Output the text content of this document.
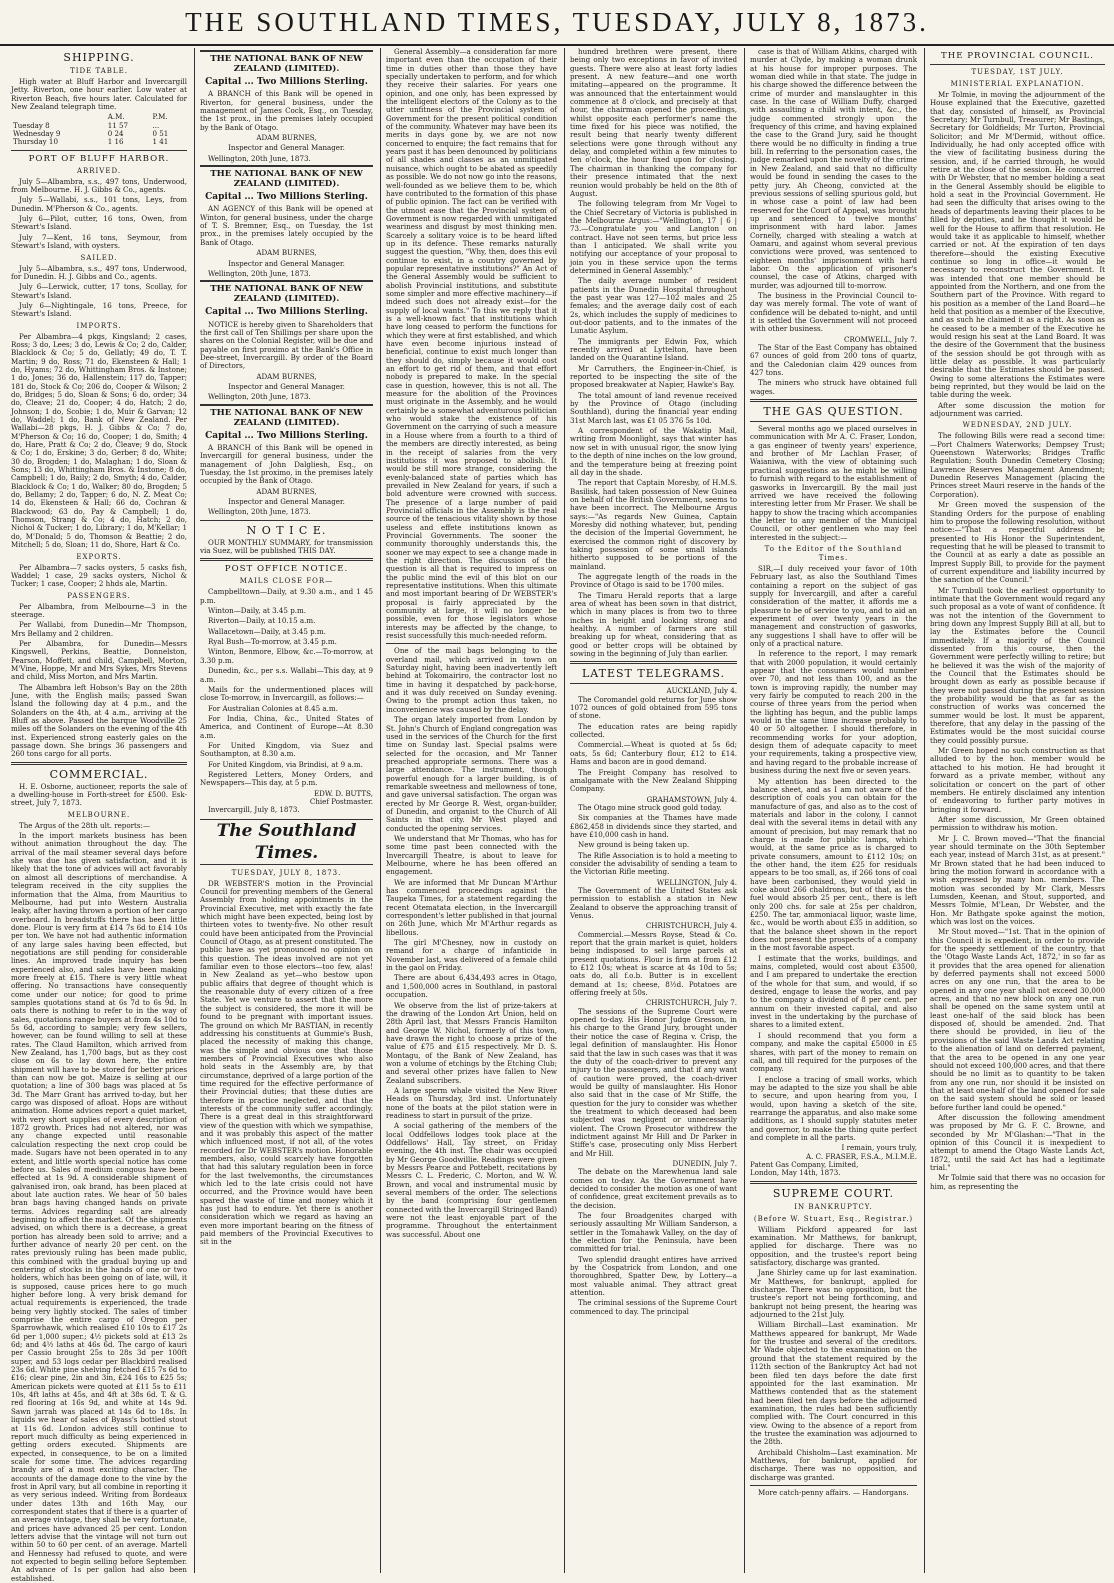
THE SOUTHLAND TIMES, TUESDAY, JULY 8, 1873.
SHIPPING.
TIDE TABLE.

High water at Bluff Harbor and Invercargill Jetty. Riverton, one hour earlier. Low water at Riverton Beach, five hours later. Calculated for New Zealand telegraph time.

	A.M.	P.M.
Tuesday 8	11 57	...
Wednesday 9	0 24	0 51
Thursday 10	1 16	1 41
PORT OF BLUFF HARBOR.
ARRIVED.

July 5—Albambra, s.s., 497 tons, Underwood, from Melbourne. H. J. Gibbs & Co., agents.

July 5—Wallabi, s.s., 101 tons, Leys, from Dunedin. M'Pherson & Co., agents.

July 6—Pilot, cutter, 16 tons, Owen, from Stewart's Island.

July 7—Kent, 16 tons, Seymour, from Stewart's Island, with oysters.

SAILED.

July 5—Albambra, s.s., 497 tons, Underwood, for Dunedin. H. J. Gibbs and Co., agents.

July 6—Lerwick, cutter, 17 tons, Scollay, for Stewart's Island.

July 6—Nightingale, 16 tons, Preece, for Stewart's Island.

IMPORTS.

Per Albambra—4 pkgs, Kingsland; 2 cases, Ross; 3 do, Lees; 3 do, Lewis & Co; 2 do, Calder, Blacklock & Co; 5 do, Gellatly; 49 do, T. T. Martin; 9 do, Ross; 71 do, Ekensteen & Hall; 1 do, Hyams; 72 do, Whittingham Bros. & Instone; 1 do, Jones; 36 do, Hallenstein; 117 do, Tapper; 181 do, Stock & Co; 206 do, Cooper & Wilson; 2 do, Bridges; 5 do, Sloan & Sons; 6 do, order; 34 do, Cleave; 21 do, Cooper; 4 do, Hatch; 2 do, Johnson; 1 do, Scobie; 1 do, Muir & Garvan; 12 do, Waddel; 1 do, Bank of New Zealand. Per Wallabi—28 pkgs, H. J. Gibbs & Co; 7 do, M'Pherson & Co; 16 do, Cooper; 1 do, Smith; 4 do, Hare, Pratt & Co; 2 do, Cleave; 9 do, Stock & Co; 1 do, Erskine; 3 do, Gerber; 8 do, White; 30 do, Brogden; 1 do, Malaghan; 1 do, Sloan & Sons; 13 do, Whittingham Bros. & Instone; 8 do, Campbell; 1 do, Baily; 2 do, Smyth; 4 do, Calder, Blacklock & Co; 1 do, Walker; 80 do, Brogden; 5 do, Bellamy; 2 do, Tapper; 6 do, N. Z. Meat Co; 14 do, Ekensteen & Hall; 66 do, Cochran & Blackwood; 63 do, Pay & Campbell; 1 do, Thomson, Strang & Co; 4 do, Hatch; 2 do, Nichol & Tucker; 1 do, Library; 1 do, M'Kellar; 1 do, M'Donald; 5 do, Thomson & Beattie; 2 do, Mitchell; 5 do, Sloan; 11 do, Shore, Hart & Co.

EXPORTS.

Per Albambra—7 sacks oysters, 5 casks fish, Waddel; 1 case, 29 sacks oysters, Nichol & Tucker; 1 case, Cooper; 2 hhds ale, Martin.

PASSENGERS.

Per Albambra, from Melbourne—3 in the steerage.

Per Wallabi, from Dunedin—Mr Thompson, Mrs Bellamy and 2 children.

Per Albambra, for Dunedin—Messrs Kingswell, Perkins, Beattie, Donnelston, Pearson, Moffett, and child, Campbell, Morton, M'Vine, Hoppe, Mr and Mrs Sykes, Mrs Stevens and child, Miss Morton, and Mrs Martin.

The Albambra left Hobson's Bay on the 28th June, with the English mails; passed Swan Island the following day at 4 p.m., and the Solanders on the 4th, at 4 a.m., arriving at the Bluff as above. Passed the barque Woodville 25 miles off the Solanders on the evening of the 4th inst. Experienced strong easterly gales on the passage down. She brings 36 passengers and 260 tons cargo for all ports.

COMMERCIAL.

H. E. Osborne, auctioneer, reports the sale of a dwelling-house in Forth-street for £500. Esk-street, July 7, 1873.

MELBOURNE.

The Argus of the 28th ult. reports:—

In the import markets business has been without animation throughout the day. The arrival of the mail steamer several days before she was due has given satisfaction, and it is likely that the tone of advices will act favorably on almost all descriptions of merchandise. A telegram received in the city supplies the information that the Alma, from Mauritius to Melbourne, had put into Western Australia leaky, after having thrown a portion of her cargo overboard. In breadstuffs there has been little done. Flour is very firm at £14 7s 6d to £14 10s per ton. We have not had authentic information of any large sales having been effected, but negotiations are still pending for considerable lines. An improved trade inquiry has been experienced also, and sales have been making more freely at £15. There is very little wheat offering. No transactions have consequently come under our notice; for good to prime samples quotations stand at 6s 7d to 6s 9d. In oats there is nothing to refer to in the way of sales, quotations range buyers at from 4s 10d to 5s 6d, according to sample; very few sellers, however, can be found willing to sell at these rates. The Claud Hamilton, which arrived from New Zealand, has 1,700 bags, but as they cost close on 6s to lay down here, the entire shipment will have to be stored for better prices than can now be got. Maize is selling at our quotation; a line of 300 bags was placed at 5s 3d. The Marr Grant has arrived to-day, but her cargo was disposed of afloat. Hops are without animation. Home advices report a quiet market, with very short supplies of every description of 1872 growth. Prices had not altered, nor was any change expected until reasonable calculation respecting the next crop could be made. Sugars have not been operated in to any extent, and little worth special notice has come before us. Sales of medium congous have been effected at 1s 9d. A considerable shipment of galvanised iron, oak brand, has been placed at about late auction rates. We hear of 50 bales bran bags having changed hands on private terms. Advices regarding salt are already beginning to affect the market. Of the shipments advised, on which there is a decrease, a great portion has already been sold to arrive; and a further advance of nearly 20 per cent. on the rates previously ruling has been made public, this combined with the gradual buying up and centering of stocks in the hands of one or two holders, which has been going on of late, will, it is supposed, cause prices here to go much higher before long. A very brisk demand for actual requirements is experienced, the trade being very lightly stocked. The sales of timber comprise the entire cargo of Oregon per Sparrowhawk, which realised £10 10s to £17 2s 6d per 1,000 super.; 4½ pickets sold at £13 2s 6d; and 4½ laths at 46s 6d. The cargo of kauri per Cassio brought 25s to 28s 3d per 100ft super, and 53 logs cedar per Blackbird realised 23s 6d. White pine shelving fetched £15 7s 6d to £16; clear pine, 2in and 3in, £24 16s to £25 5s; American pickets were quoted at £11 5s to £11 10s, 4ft laths at 45s, and 4ft at 38s 6d. T. & G. red flooring at 16s 9d, and white at 14s 9d. Sawn jarrah was placed at 14s 6d to 18s. In liquids we hear of sales of Byass's bottled stout at 11s 6d. London advices still continue to report much difficulty as being experienced in getting orders executed. Shipments are expected, in consequence, to be on a limited scale for some time. The advices regarding brandy are of a most exciting character. The accounts of the damage done to the vine by the frost in April vary, but all combine in reporting it as very serious indeed. Writing from Bordeaux under dates 13th and 16th May, our correspondent states that if there is a quarter of an average vintage, they shall be very fortunate, and prices have advanced 25 per cent. London letters advise that the vintage will not turn out within 50 to 60 per cent. of an average. Martell and Hennessy had refused to quote, and were not expected to begin selling before September. An advance of 1s per gallon had also been established.

THE NATIONAL BANK OF NEW ZEALAND (LIMITED).
Capital ... Two Millions Sterling.

A BRANCH of this Bank will be opened in Riverton, for general business, under the management of James Cock, Esq., on Tuesday, the 1st prox., in the premises lately occupied by the Bank of Otago.

ADAM BURNES,
Inspector and General Manager.

Wellington, 20th June, 1873.

THE NATIONAL BANK OF NEW ZEALAND (LIMITED).
Capital ... Two Millions Sterling.

AN AGENCY of this Bank will be opened at Winton, for general business, under the charge of T. S. Bremner, Esq., on Tuesday, the 1st prox., in the premises lately occupied by the Bank of Otago.

ADAM BURNES,
Inspector and General Manager.

Wellington, 20th June, 1873.

THE NATIONAL BANK OF NEW ZEALAND (LIMITED).
Capital ... Two Millions Sterling.

NOTICE is hereby given to Shareholders that the first call of Ten Shillings per share upon the shares on the Colonial Register, will be due and payable on first proximo at the Bank's Office in Dee-street, Invercargill. By order of the Board of Directors,

ADAM BURNES,
Inspector and General Manager.

Wellington, 20th June, 1873.

THE NATIONAL BANK OF NEW ZEALAND (LIMITED).
Capital ... Two Millions Sterling.

A BRANCH of this Bank will be opened in Invercargill for general business, under the management of John Dalgliesh, Esq., on Tuesday, the 1st proximo, in the premises lately occupied by the Bank of Otago.

ADAM BURNES,
Inspector and General Manager.

Wellington, 20th June, 1873.

N O T I C E.

OUR MONTHLY SUMMARY, for transmission via Suez, will be published THIS DAY.

POST OFFICE NOTICE.
MAILS CLOSE FOR—

Campbelltown—Daily, at 9.30 a.m., and 1 45 p.m.

Winton—Daily, at 3.45 p.m.

Riverton—Daily, at 10.15 a.m.

Wallacetown—Daily, at 3.45 p.m.

Ryal Bush—To-morrow, at 3.45 p.m.

Winton, Benmore, Elbow, &c.—To-morrow, at 3.30 p.m.

Dunedin, &c., per s.s. Wallabi—This day, at 9 a.m.

Mails for the undermentioned places will close To-morrow, in Invercargill, as follows:—

For Australian Colonies at 8.45 a.m.

For India, China, &c., United States of America, and Continent of Europe—At 8.30 a.m.

For United Kingdom, via Suez and Southampton, at 8.30 a.m.

For United Kingdom, via Brindisi, at 9 a.m.

Registered Letters, Money Orders, and Newspapers—This day, at 5 p.m.

EDW. D. BUTTS,
Chief Postmaster.

Invercargill, July 8, 1873.

The Southland Times.
TUESDAY, JULY 8, 1873.

DR WEBSTER'S motion in the Provincial Council for preventing members of the General Assembly from holding appointments in the Provincial Executive, met with exactly the fate which might have been expected, being lost by thirteen votes to twenty-five. No other result could have been anticipated from the Provincial Council of Otago, as at present constituted. The public have as yet pronounced no opinion on this question. The ideas involved are not yet familiar even to those electors—too few, alas! in New Zealand as yet—who bestow upon public affairs that degree of thought which is the reasonable duty of every citizen of a free State. Yet we venture to assert that the more the subject is considered, the more it will be found to be pregnant with important issues. The ground on which Mr BASTIAN, in recently addressing his constituents at Gummie's Bush, placed the necessity of making this change, was the simple and obvious one that those members of Provincial Executives who also hold seats in the Assembly are, by that circumstance, deprived of a large portion of the time required for the effective performance of their Provincial duties; that these duties are therefore in practice neglected, and that the interests of the community suffer accordingly. There is a great deal in this straightforward view of the question with which we sympathise, and it was probably this aspect of the matter which influenced most, if not all, of the votes recorded for Dr WEBSTER's motion. Honorable members, also, could scarcely have forgotten that had this salutary regulation been in force for the last twelvemonths, the circumstances which led to the late crisis could not have occurred, and the Province would have been spared the waste of time and money which it has just had to endure. Yet there is another consideration which we regard as having an even more important bearing on the fitness of paid members of the Provincial Executives to sit in the

General Assembly—a consideration far more important even than the occupation of their time in duties other than those they have specially undertaken to perform, and for which they receive their salaries. For years one opinion, and one only, has been expressed by the intelligent electors of the Colony as to the utter unfitness of the Provincial system of Government for the present political condition of the community. Whatever may have been its merits in days gone by, we are not now concerned to enquire; the fact remains that for years past it has been denounced by politicians of all shades and classes as an unmitigated nuisance, which ought to be abated as speedily as possible. We do not now go into the reasons, well-founded as we believe them to be, which have contributed to the formation of this phase of public opinion. The fact can be verified with the utmost ease that the Provincial system of Government is now regarded with unmitigated weariness and disgust by most thinking men. Scarcely a solitary voice is to be heard lifted up in its defence. These remarks naturally suggest the question, "Why, then, does this evil continue to exist, in a country governed by popular representative institutions?" An Act of the General Assembly would be sufficient to abolish Provincial institutions, and substitute some simpler and more effective machinery—if indeed such does not already exist—for the supply of local wants." To this we reply that it is a well-known fact that institutions which have long ceased to perform the functions for which they were at first established, and which have even become injurious instead of beneficial, continue to exist much longer than they should do, simply because it would cost an effort to get rid of them, and that effort nobody is prepared to make. In the special case in question, however, this is not all. The measure for the abolition of the Provinces must originate in the Assembly, and he would certainly be a somewhat adventurous politician who would stake the existence of his Government on the carrying of such a measure in a House where from a fourth to a third of the members are directly interested, as being in the receipt of salaries from the very institutions it was proposed to abolish. It would be still more strange, considering the evenly-balanced state of parties which has prevailed in New Zealand for years, if such a bold adventure were crowned with success. The presence of a large number of paid Provincial officials in the Assembly is the real source of the tenacious vitality shown by those useless and effete institutions known as Provincial Governments. The sooner the community thoroughly understands this, the sooner we may expect to see a change made in the right direction. The discussion of the question is all that is required to impress on the public mind the evil of this blot on our representative institutions. When this ultimate and most important bearing of Dr WEBSTER's proposal is fairly appreciated by the community at large, it will no longer be possible, even for those legislators whose interests may be affected by the change, to resist successfully this much-needed reform.

One of the mail bags belonging to the overland mail, which arrived in town on Saturday night, having been inadvertently left behind at Tokomairiro, the contractor lost no time in having it despatched by pack-horse, and it was duly received on Sunday evening. Owing to the prompt action thus taken, no inconvenience was caused by the delay.

The organ lately imported from London by St. John's Church of England congregation was used in the services of the Church for the first time on Sunday last. Special psalms were selected for the occasion, and Mr Tanner preached appropriate sermons. There was a large attendance. The instrument, though powerful enough for a larger building, is of remarkable sweetness and mellowness of tone, and gave universal satisfaction. The organ was erected by Mr George R. West, organ-builder, of Dunedin, and organist to the Church of All Saints in that city. Mr West played and conducted the opening services.

We understand that Mr Thomas, who has for some time past been connected with the Invercargill Theatre, is about to leave for Melbourne, where he has been offered an engagement.

We are informed that Mr Duncan M'Arthur has commenced proceedings against the Taupeka Times, for a statement regarding the recent Otematata election, in the Invercargill correspondent's letter published in that journal on 26th June, which Mr M'Arthur regards as libellous.

The girl M'Chesney, now in custody on remand for a charge of infanticide in November last, was delivered of a female child in the gaol on Friday.

There are about 6,434,493 acres in Otago, and 1,500,000 acres in Southland, in pastoral occupation.

We observe from the list of prize-takers at the drawing of the London Art Union, held on 28th April last, that Messrs Francis Hamilton and George W. Nichol, formerly of this town, have drawn the right to choose a prize of the value of £75 and £15 respectively. Mr D. S. Montagu, of the Bank of New Zealand, has won a volume of etchings by the Etching Club; and several other prizes have fallen to New Zealand subscribers.

A large sperm whale visited the New River Heads on Thursday, 3rd inst. Unfortunately none of the boats at the pilot station were in readiness to start in pursuit of the prize.

A social gathering of the members of the local Oddfellows lodges took place at the Oddfellows' Hall, Tay street, on Friday evening, the 4th inst. The chair was occupied by Mr George Goodwillie. Readings were given by Messrs Pearce and Pottebett, recitations by Messrs C. L. Frederic, C. Morton, and W. W. Brown, and vocal and instrumental music by several members of the order. The selections by the band (comprising four gentlemen connected with the Invercargill Stringed Band) were not the least enjoyable part of the programme. Throughout the entertainment was successful. About one

hundred brethren were present, there being only two exceptions in favor of invited guests. There were also at least forty ladies present. A new feature—and one worth imitating—appeared on the programme. It was announced that the entertainment would commence at 8 o'clock, and precisely at that hour, the chairman opened the proceedings, whilst opposite each performer's name the time fixed for his piece was notified, the result being that nearly twenty different selections were gone through without any delay, and completed within a few minutes to ten o'clock, the hour fixed upon for closing. The chairman in thanking the company for their presence intimated that the next reunion would probably be held on the 8th of August.

The following telegram from Mr Vogel to the Chief Secretary of Victoria is published in the Melbourne Argus:—"Wellington, 17 | 6 | 73.—Congratulate you and Langton on contract. Have not seen terms, but price less than I anticipated. We shall write you notifying our acceptance of your proposal to join you in these service upon the terms determined in General Assembly."

The daily average number of resident patients in the Dunedin Hospital throughout the past year was 127—102 males and 25 females; and the average daily cost of each 2s, which includes the supply of medicines to out-door patients, and to the inmates of the Lunatic Asylum.

The immigrants per Edwin Fox, which recently arrived at Lyttelton, have been landed on the Quarantine Island.

Mr Carruthers, the Engineer-in-Chief, is reported to be inspecting the site of the proposed breakwater at Napier, Hawke's Bay.

The total amount of land revenue received by the Province of Otago (including Southland), during the financial year ending 31st March last, was £1 05 376 5s 10d.

A correspondent of the Wakatip Mail, writing from Moonlight, says that winter has now set in with unusual rigor, the snow lying to the depth of nine inches on the low ground, and the temperature being at freezing point all day in the shade.

The report that Captain Moresby, of H.M.S. Basilisk, had taken possession of New Guinea on behalf of the British Government, seems to have been incorrect. The Melbourne Argus says:—"As regards New Guinea, Captain Moresby did nothing whatever, but, pending the decision of the Imperial Government, he exercised the common right of discovery by taking possession of some small islands hitherto supposed to be portions of the mainland.

The aggregate length of the roads in the Province of Otago is said to be 1700 miles.

The Timaru Herald reports that a large area of wheat has been sown in that district, which in many places is from two to three inches in height and looking strong and healthy. A number of farmers are still breaking up for wheat, considering that as good or better crops will be obtained by sowing in the beginning of July than earlier.

LATEST TELEGRAMS.
AUCKLAND, July 4.

The Coromandel gold returns for June show 1072 ounces of gold obtained from 595 tons of stone.

The education rates are being rapidly collected.

Commercial.—Wheat is quoted at 5s 6d; oats, 5s 6d; Canterbury flour, £12 to £14. Hams and bacon are in good demand.

The Freight Company has resolved to amalgamate with the New Zealand Shipping Company.

GRAHAMSTOWN, July 4.

The Otago mine struck good gold today.

Six companies at the Thames have made £862,458 in dividends since they started, and have £10,000 cash in hand.

New ground is being taken up.

The Rifle Association is to hold a meeting to consider the advisability of sending a team to the Victorian Rifle meeting.

WELLINGTON, July 4.

The Government of the United States ask permission to establish a station in New Zealand to observe the approaching transit of Venus.

CHRISTCHURCH, July 4.

Commercial.—Messrs Royse, Stead & Co. report that the grain market is quiet, holders being indisposed to sell large parcels at present quotations. Flour is firm at from £12 to £12 10s; wheat is scarce at 4s 10d to 5s; oats do, all f.o.b. Butter is in excellent demand at 1s; cheese, 8½d. Potatoes are offering freely at 50s.

CHRISTCHURCH, July 7.

The sessions of the Supreme Court were opened to-day. His Honor Judge Gresson, in his charge to the Grand Jury, brought under their notice the case of Regina v. Crisp, the legal definition of manslaughter. His Honor said that the law in such cases was that it was the duty of the coach-driver to prevent any injury to the passengers, and that if any want of caution were proved, the coach-driver would be guilty of manslaughter. His Honor also said that in the case of Mr Stiffe, the question for the jury to consider was whether the treatment to which deceased had been subjected was negligent or unnecessarily violent. The Crown Prosecutor withdrew the indictment against Mr Hill and Dr Parker in Stiffe's case, prosecuting only Miss Herbert and Mr Hill.

DUNEDIN, July 7.

The debate on the Marewhenua land sale comes on to-day. As the Government have decided to consider the motion as one of want of confidence, great excitement prevails as to the decision.

The four Broadgenites charged with seriously assaulting Mr William Sanderson, a settler in the Tomahawk Valley, on the day of the election for the Peninsula, have been committed for trial.

Two splendid draught entires have arrived by the Cospatrick from London, and one thoroughbred, Spatter Dew, by Lottery—a most valuable animal. They attract great attention.

The criminal sessions of the Supreme Court commenced to day. The principal

case is that of William Atkins, charged with murder at Clyde, by making a woman drunk at his house for improper purposes. The woman died while in that state. The judge in his charge showed the difference between the crime of murder and manslaughter in this case. In the case of William Duffy, charged with assaulting a child with intent, &c., the judge commented strongly upon the frequency of this crime, and having explained the case to the Grand Jury, said he thought there would be no difficulty in finding a true bill. In referring to the personation cases, the judge remarked upon the novelty of the crime in New Zealand, and said that no difficulty would be found in sending the cases to the petty jury. Ah Cheong, convicted at the previous sessions of selling spurious gold, but in whose case a point of law had been reserved for the Court of Appeal, was brought up and sentenced to twelve months' imprisonment with hard labor. James Cornelly, charged with stealing a watch at Oamaru, and against whom several previous convictions were proved, was sentenced to eighteen months' imprisonment with hard labor. On the application of prisoner's counsel, the case of Atkins, charged with murder, was adjourned till to-morrow.

The business in the Provincial Council to-day was merely formal. The vote of want of confidence will be debated to-night, and until it is settled the Government will not proceed with other business.

CROMWELL, July 7.

The Star of the East Company has obtained 67 ounces of gold from 200 tons of quartz, and the Caledonian claim 429 ounces from 427 tons.

The miners who struck have obtained full wages.

THE GAS QUESTION.

Several months ago we placed ourselves in communication with Mr A. C. Fraser, London, a gas engineer of twenty years' experience, and brother of Mr Lachlan Fraser, of Waianiwa, with the view of obtaining such practical suggestions as he might be willing to furnish with regard to the establishment of gasworks in Invercargill. By the mail just arrived we have received the following interesting letter from Mr Fraser. We shall be happy to show the tracing which accompanies the letter to any member of the Municipal Council, or other gentlemen who may feel interested in the subject:—

To the Editor of the Southland Times.

SIR,—I duly received your favor of 10th February last, as also the Southland Times containing a report on the subject of gas supply for Invercargill, and after a careful consideration of the matter, it affords me a pleasure to be of service to you, and to aid an experiment of over twenty years in the management and construction of gasworks, any suggestions I shall have to offer will be only of a practical nature.

In reference to the report, I may remark that with 2000 population, it would certainly appear that the consumers would number over 70, and not less than 100, and as the town is improving rapidly, the number may very fairly be computed to reach 200 in the course of three years from the period when the lighting has begun, and the public lamps would in the same time increase probably to 40 or 50 altogether. I should therefore, in recommending works for your adoption, design them of adequate capacity to meet your requirements, taking a prospective view, and having regard to the probable increase of business during the next five or seven years.

My attention has been directed to the balance sheet, and as I am not aware of the description of coals you can obtain for the manufacture of gas, and also as to the cost of materials and labor in the colony, I cannot deal with the several items in detail with any amount of precision, but may remark that no charge is made for public lamps, which would, at the same price as is charged to private consumers, amount to £112 10s; on the other hand, the item £25 for residuals appears to be too small, as, if 266 tons of coal have been carbonised, they would yield in coke about 266 chaldrons, but of that, as the fuel would absorb 25 per cent., there is left only 200 chs. for sale at 25s per chaldron, £250. The tar, ammoniacal liquor, waste lime, &c., would be worth about £35 in addition, so that the balance sheet shown in the report does not present the prospects of a company in the most favorable aspect.

I estimate that the works, buildings, and mains, completed, would cost about £3500, and I am prepared to undertake the erection of the whole for that sum, and would, if so desired, engage to lease the works, and pay to the company a dividend of 8 per cent. per annum on their invested capital, and also invest in the undertaking by the purchase of shares to a limited extent.

I should recommend that you form a company, and make the capital £5000 in £5 shares, with part of the money to remain on call, and till required for the purposes of the company.

I enclose a tracing of small works, which may be adapted to the size you shall be able to secure, and upon hearing from you, I would, upon having a sketch of the site, rearrange the apparatus, and also make some additions, as I should supply statutes meter and governor, to make the thing quite perfect and complete in all the parts.

I remain, yours truly,
A. C. FRASER, F.S.A., M.I.M.E.
Patent Gas Company, Limited,
London, May 14th, 1873.
SUPREME COURT.
IN BANKRUPTCY.
(Before W. Stuart, Esq., Registrar.)

William Pickford appeared for last examination. Mr Matthews, for bankrupt, applied for discharge. There was no opposition, and the trustee's report being satisfactory, discharge was granted.

Jane Shirley came up for last examination. Mr Matthews, for bankrupt, applied for discharge. There was no opposition, but the trustee's report not being forthcoming, and bankrupt not being present, the hearing was adjourned to the 21st July.

William Birchall—Last examination. Mr Matthews appeared for bankrupt, Mr Wade for the trustee and several of the creditors. Mr Wade objected to the examination on the ground that the statement required by the 112th section of the Bankruptcy Act had not been filed ten days before the date first appointed for the last examination. Mr Matthews contended that as the statement had been filed ten days before the adjourned examination, the rules had been sufficiently complied with. The Court concurred in this view. Owing to the absence of a report from the trustee the examination was adjourned to the 28th.

Archibald Chisholm—Last examination. Mr Matthews, for bankrupt, applied for discharge. There was no opposition, and discharge was granted.

More catch-penny affairs. — Handorgans.

THE PROVINCIAL COUNCIL.
TUESDAY, 1ST JULY.
MINISTERIAL EXPLANATION.

Mr Tolmie, in moving the adjournment of the House explained that the Executive, gazetted that day, consisted of himself, as Provincial Secretary; Mr Turnbull, Treasurer; Mr Bastings, Secretary for Goldfields; Mr Turton, Provincial Solicitor; and Mr M'Dermid, without office. Individually, he had only accepted office with the view of facilitating business during the session, and, if he carried through, he would retire at the close of the session. He concurred with Dr Webster, that no member holding a seat in the General Assembly should be eligible to hold a seat in the Provincial Government. He had seen the difficulty that arises owing to the heads of departments leaving their places to be filled by deputies, and he thought it would be well for the House to affirm that resolution. He would take it as applicable to himself, whether carried or not. At the expiration of ten days therefore—should the existing Executive continue so long in office—it would be necessary to reconstruct the Government. It was intended that one member should be appointed from the Northern, and one from the Southern part of the Province. With regard to his position as a member of the Land Board—he held that position as a member of the Executive, and as such he claimed it as a right. As soon as he ceased to be a member of the Executive he would resign his seat at the Land Board. It was the desire of the Government that the business of the session should be got through with as little delay as possible. It was particularly desirable that the Estimates should be passed. Owing to some alterations the Estimates were being reprinted, but they would be laid on the table during the week.

After some discussion the motion for adjournment was carried.

WEDNESDAY, 2ND JULY.

The following Bills were read a second time:—Port Chalmers Waterworks; Dempsey Trust; Queenstown Waterworks; Bridges Traffic Regulation; South Dunedin Cemetery Closing; Lawrence Reserves Management Amendment; Dunedin Reserves Management (placing the Princes street Mauri reserve in the hands of the Corporation).

Mr Green moved the suspension of the Standing Orders for the purpose of enabling him to propose the following resolution, without notice:—"That a respectful address be presented to His Honor the Superintendent, requesting that he will be pleased to transmit to the Council at as early a date as possible an Imprest Supply Bill, to provide for the payment of current expenditure and liability incurred by the sanction of the Council."

Mr Turnbull took the earliest opportunity to intimate that the Government would regard any such proposal as a vote of want of confidence. It was not the intention of the Government to bring down any Imprest Supply Bill at all, but to lay the Estimates before the Council immediately. If a majority of the Council dissented from this course, then the Government were perfectly willing to retire; but he believed it was the wish of the majority of the Council that the Estimates should be brought down as early as possible because if they were not passed during the present session the probability would be that as far as the construction of works was concerned the summer would be lost. It must be apparent, therefore, that any delay in the passing of the Estimates would be the most suicidal course they could possibly pursue.

Mr Green hoped no such construction as that alluded to by the hon. member would be attached to his motion. He had brought it forward as a private member, without any solicitation or concert on the part of other members. He entirely disclaimed any intention of endeavoring to further party motives in bringing it forward.

After some discussion, Mr Green obtained permission to withdraw his motion.

Mr J. C. Brown moved—"That the financial year should terminate on the 30th September each year, instead of March 31st, as at present." Mr Brown stated that he had been induced to bring the motion forward in accordance with a wish expressed by many hon. members. The motion was seconded by Mr Clark, Messrs Lumsden, Keenan, and Stout, supported, and Messrs Tolmie, M'Lean, Dr Webster, and the Hon. Mr Bathgate spoke against the motion, which was lost on the voices.

Mr Stout moved—"1st. That in the opinion of this Council it is expedient, in order to provide for the speedy settlement of the country, that the 'Otago Waste Lands Act, 1872,' in so far as it provides that the area opened for alienation by deferred payments shall not exceed 5000 acres on any one run, that the area to be opened in any one year shall not exceed 30,000 acres, and that no new block on any one run shall be opened on the same system until at least one-half of the said block has been disposed of, should be amended. 2nd. That there should be provided, in lieu of the provisions of the said Waste Lands Act relating to the alienation of land on deferred payment, that the area to be opened in any one year should not exceed 100,000 acres, and that there should be no limit as to quantity to be taken from any one run, nor should it be insisted on that at least one-half of the land opened for sale on the said system should be sold or leased before further land could be opened."

After discussion the following amendment was proposed by Mr G. F. C. Browne, and seconded by Mr M'Glashan:—"That in the opinion of this Council it is inexpedient to attempt to amend the Otago Waste Lands Act, 1872, until the said Act has had a legitimate trial."

Mr Tolmie said that there was no occasion for him, as representing the
